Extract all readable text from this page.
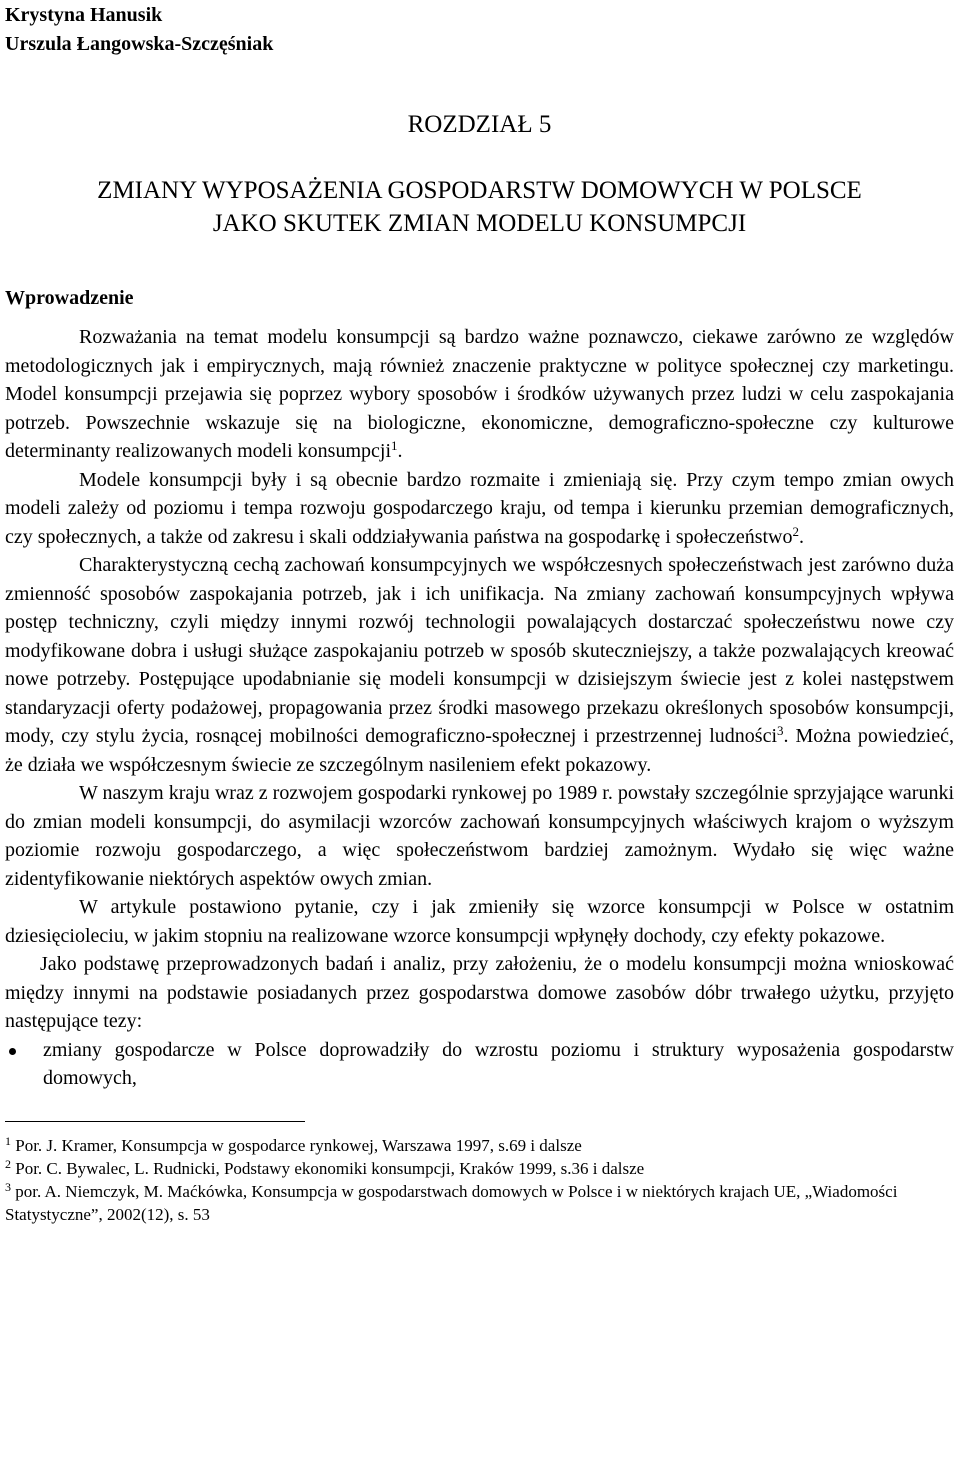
Krystyna Hanusik
Urszula Łangowska-Szczęśniak
ROZDZIAŁ 5
ZMIANY WYPOSAŻENIA GOSPODARSTW DOMOWYCH W POLSCE
JAKO SKUTEK ZMIAN MODELU KONSUMPCJI
Wprowadzenie

Rozważania na temat modelu konsumpcji są bardzo ważne poznawczo, ciekawe zarówno ze względów metodologicznych jak i empirycznych, mają również znaczenie praktyczne w polityce społecznej czy marketingu. Model konsumpcji przejawia się poprzez wybory sposobów i środków używanych przez ludzi w celu zaspokajania potrzeb. Powszechnie wskazuje się na biologiczne, ekonomiczne, demograficzno-społeczne czy kulturowe determinanty realizowanych modeli konsumpcji$^1$.

Modele konsumpcji były i są obecnie bardzo rozmaite i zmieniają się. Przy czym tempo zmian owych modeli zależy od poziomu i tempa rozwoju gospodarczego kraju, od tempa i kierunku przemian demograficznych, czy społecznych, a także od zakresu i skali oddziaływania państwa na gospodarkę i społeczeństwo$^2$.

Charakterystyczną cechą zachowań konsumpcyjnych we współczesnych społeczeństwach jest zarówno duża zmienność sposobów zaspokajania potrzeb, jak i ich unifikacja. Na zmiany zachowań konsumpcyjnych wpływa postęp techniczny, czyli między innymi rozwój technologii powalających dostarczać społeczeństwu nowe czy modyfikowane dobra i usługi służące zaspokajaniu potrzeb w sposób skuteczniejszy, a także pozwalających kreować nowe potrzeby. Postępujące upodabnianie się modeli konsumpcji w dzisiejszym świecie jest z kolei następstwem standaryzacji oferty podażowej, propagowania przez środki masowego przekazu określonych sposobów konsumpcji, mody, czy stylu życia, rosnącej mobilności demograficzno-społecznej i przestrzennej ludności$^3$. Można powiedzieć, że działa we współczesnym świecie ze szczególnym nasileniem efekt pokazowy.

W naszym kraju wraz z rozwojem gospodarki rynkowej po 1989 r. powstały szczególnie sprzyjające warunki do zmian modeli konsumpcji, do asymilacji wzorców zachowań konsumpcyjnych właściwych krajom o wyższym poziomie rozwoju gospodarczego, a więc społeczeństwom bardziej zamożnym. Wydało się więc ważne zidentyfikowanie niektórych aspektów owych zmian.

W artykule postawiono pytanie, czy i jak zmieniły się wzorce konsumpcji w Polsce w ostatnim dziesięcioleciu, w jakim stopniu na realizowane wzorce konsumpcji wpłynęły dochody, czy efekty pokazowe.

Jako podstawę przeprowadzonych badań i analiz, przy założeniu, że o modelu konsumpcji można wnioskować między innymi na podstawie posiadanych przez gospodarstwa domowe zasobów dóbr trwałego użytku, przyjęto następujące tezy:

zmiany gospodarcze w Polsce doprowadziły do wzrostu poziomu i struktury wyposażenia gospodarstw domowych,

$^1$ Por. J. Kramer, Konsumpcja w gospodarce rynkowej, Warszawa 1997, s.69 i dalsze

$^2$ Por. C. Bywalec, L. Rudnicki, Podstawy ekonomiki konsumpcji, Kraków 1999, s.36 i dalsze

$^3$ por. A. Niemczyk, M. Maćkówka, Konsumpcja w gospodarstwach domowych w Polsce i w niektórych krajach UE, „Wiadomości Statystyczne”, 2002(12), s. 53
